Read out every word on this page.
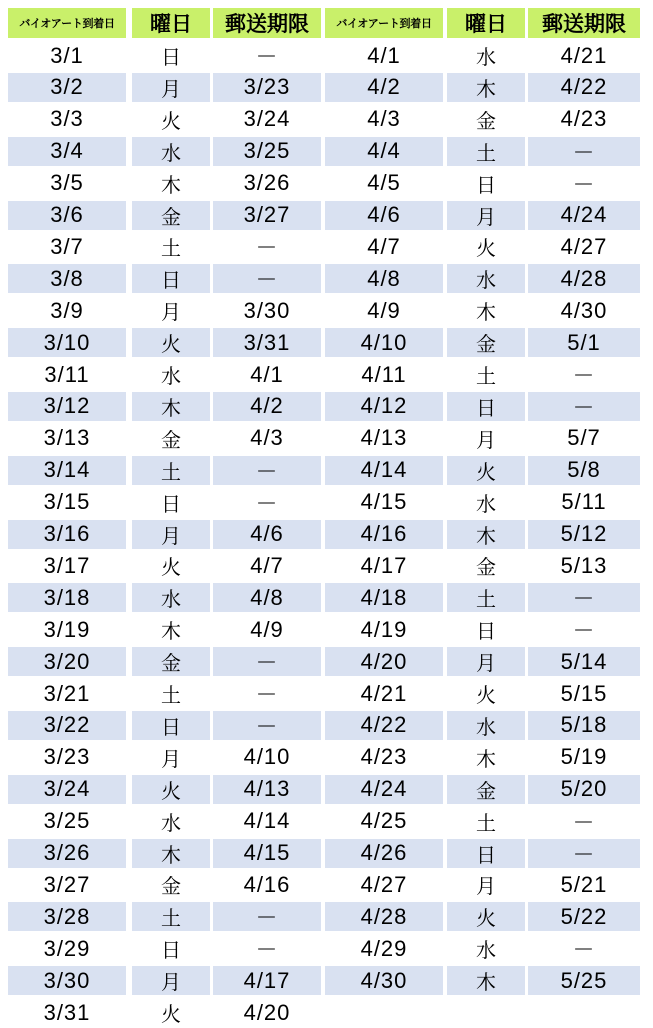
バイオアート到着日	曜日	郵送期限	バイオアート到着日	曜日	郵送期限
3/1	日	－	4/1	水	4/21
3/2	月	3/23	4/2	木	4/22
3/3	火	3/24	4/3	金	4/23
3/4	水	3/25	4/4	土	－
3/5	木	3/26	4/5	日	－
3/6	金	3/27	4/6	月	4/24
3/7	土	－	4/7	火	4/27
3/8	日	－	4/8	水	4/28
3/9	月	3/30	4/9	木	4/30
3/10	火	3/31	4/10	金	5/1
3/11	水	4/1	4/11	土	－
3/12	木	4/2	4/12	日	－
3/13	金	4/3	4/13	月	5/7
3/14	土	－	4/14	火	5/8
3/15	日	－	4/15	水	5/11
3/16	月	4/6	4/16	木	5/12
3/17	火	4/7	4/17	金	5/13
3/18	水	4/8	4/18	土	－
3/19	木	4/9	4/19	日	－
3/20	金	－	4/20	月	5/14
3/21	土	－	4/21	火	5/15
3/22	日	－	4/22	水	5/18
3/23	月	4/10	4/23	木	5/19
3/24	火	4/13	4/24	金	5/20
3/25	水	4/14	4/25	土	－
3/26	木	4/15	4/26	日	－
3/27	金	4/16	4/27	月	5/21
3/28	土	－	4/28	火	5/22
3/29	日	－	4/29	水	－
3/30	月	4/17	4/30	木	5/25
3/31	火	4/20
